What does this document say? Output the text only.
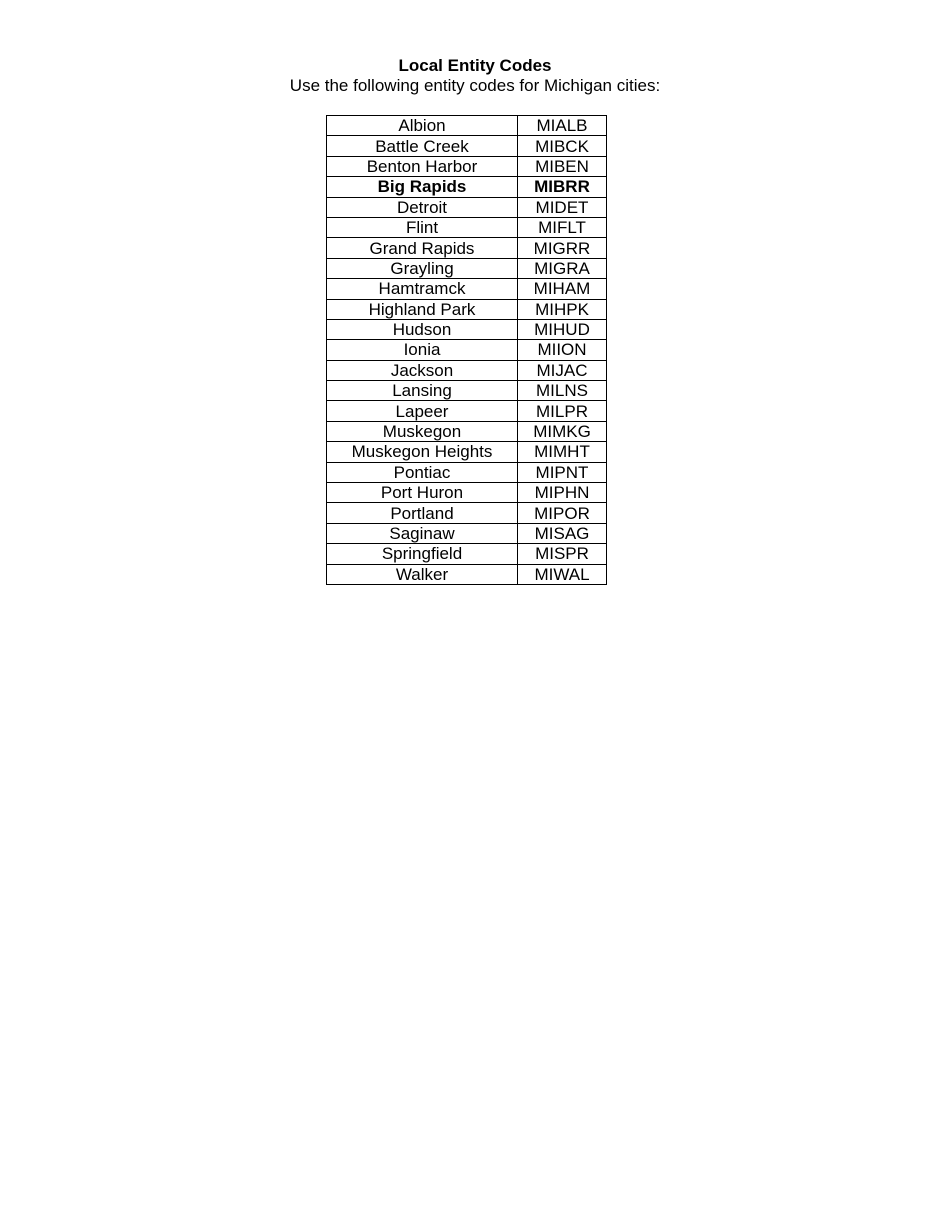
Local Entity Codes
Use the following entity codes for Michigan cities:
Albion	MIALB
Battle Creek	MIBCK
Benton Harbor	MIBEN
Big Rapids	MIBRR
Detroit	MIDET
Flint	MIFLT
Grand Rapids	MIGRR
Grayling	MIGRA
Hamtramck	MIHAM
Highland Park	MIHPK
Hudson	MIHUD
Ionia	MIION
Jackson	MIJAC
Lansing	MILNS
Lapeer	MILPR
Muskegon	MIMKG
Muskegon Heights	MIMHT
Pontiac	MIPNT
Port Huron	MIPHN
Portland	MIPOR
Saginaw	MISAG
Springfield	MISPR
Walker	MIWAL
